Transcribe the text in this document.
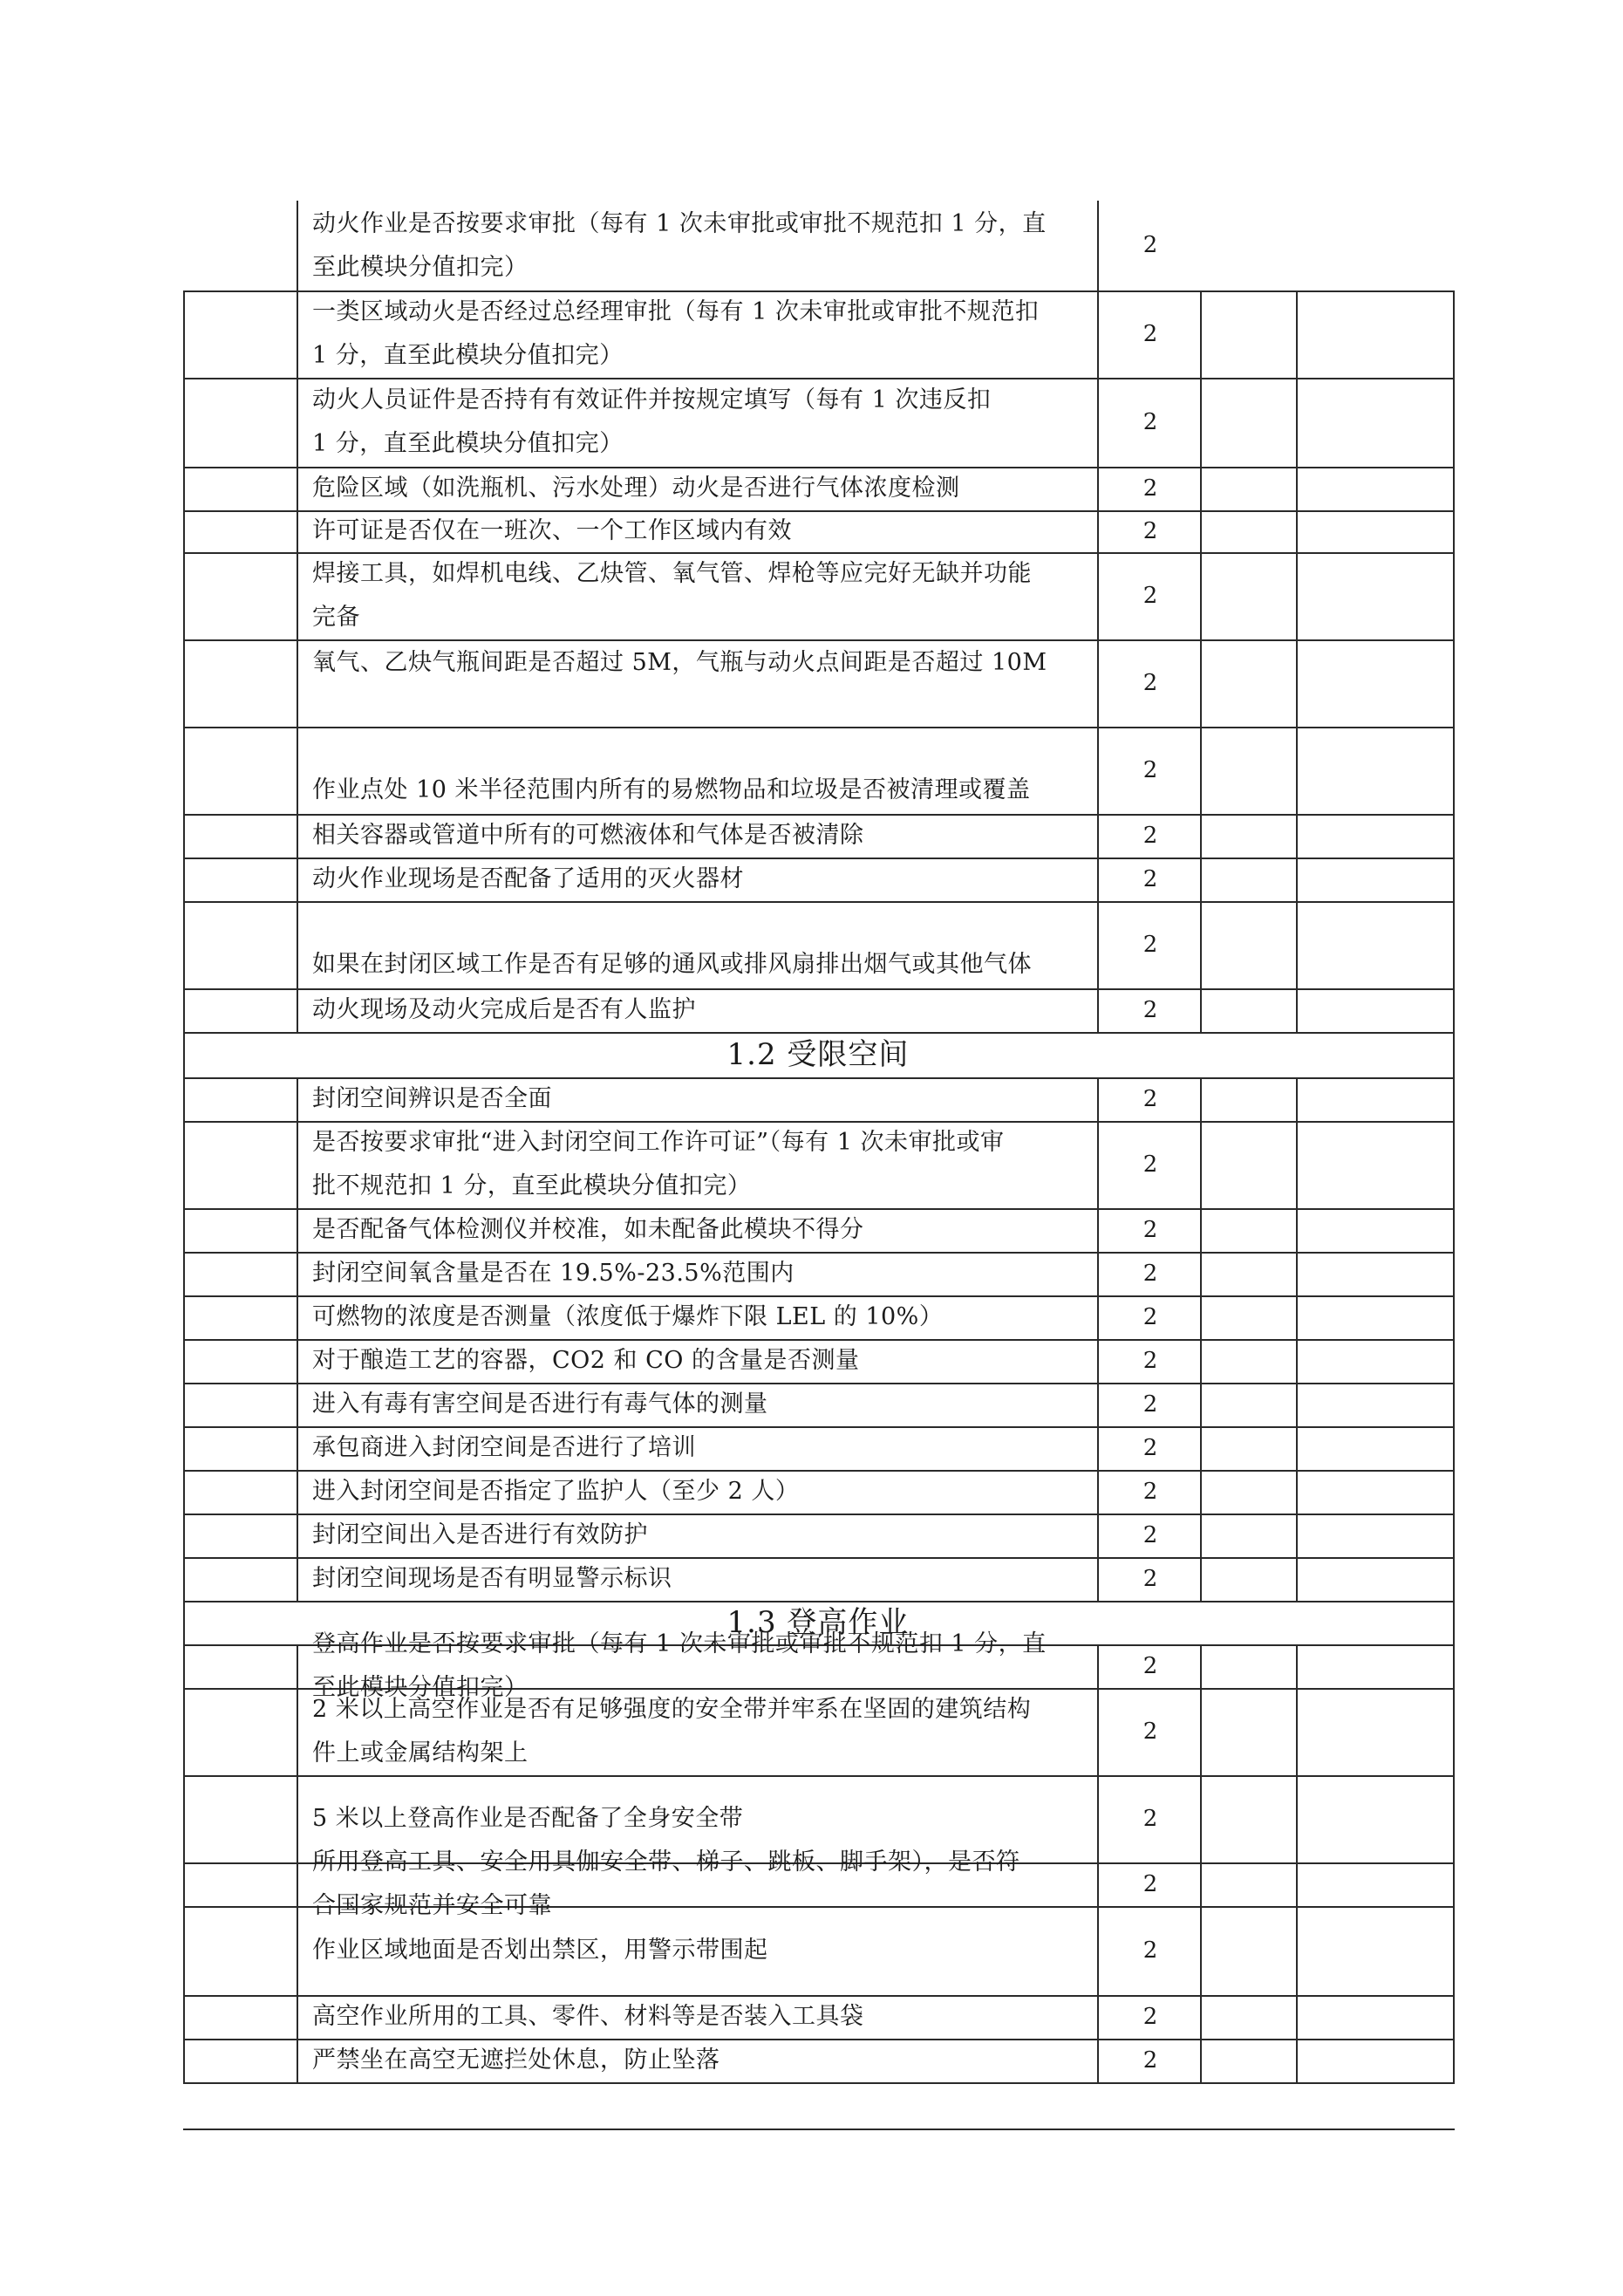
动火作业是否按要求审批（每有 1 次未审批或审批不规范扣 1 分，直
至此模块分值扣完）
2
一类区域动火是否经过总经理审批（每有 1 次未审批或审批不规范扣
1 分，直至此模块分值扣完）
2
动火人员证件是否持有有效证件并按规定填写（每有 1 次违反扣
1 分，直至此模块分值扣完）
2
危险区域（如洗瓶机、污水处理）动火是否进行气体浓度检测	2
许可证是否仅在一班次、一个工作区域内有效	2
焊接工具，如焊机电线、乙炔管、氧气管、焊枪等应完好无缺并功能
完备
2
氧气、乙炔气瓶间距是否超过 5M，气瓶与动火点间距是否超过 10M
2
作业点处 10 米半径范围内所有的易燃物品和垃圾是否被清理或覆盖
2
相关容器或管道中所有的可燃液体和气体是否被清除	2
动火作业现场是否配备了适用的灭火器材	2
如果在封闭区域工作是否有足够的通风或排风扇排出烟气或其他气体
2
动火现场及动火完成后是否有人监护	2
1.2 受限空间
封闭空间辨识是否全面	2
是否按要求审批“进入封闭空间工作许可证”（每有 1 次未审批或审
批不规范扣 1 分，直至此模块分值扣完）
2
是否配备气体检测仪并校准，如未配备此模块不得分	2
封闭空间氧含量是否在 19.5%-23.5%范围内	2
可燃物的浓度是否测量（浓度低于爆炸下限 LEL 的 10%）	2
对于酿造工艺的容器，CO2 和 CO 的含量是否测量	2
进入有毒有害空间是否进行有毒气体的测量	2
承包商进入封闭空间是否进行了培训	2
进入封闭空间是否指定了监护人（至少 2 人）	2
封闭空间出入是否进行有效防护	2
封闭空间现场是否有明显警示标识	2
1.3 登高作业
登高作业是否按要求审批（每有 1 次未审批或审批不规范扣 1 分，直
至此模块分值扣完）
2
2 米以上高空作业是否有足够强度的安全带并牢系在坚固的建筑结构
件上或金属结构架上
2
5 米以上登高作业是否配备了全身安全带	2
所用登高工具、安全用具伽安全带、梯子、跳板、脚手架），是否符
合国家规范并安全可靠
2
作业区域地面是否划出禁区，用警示带围起	2
高空作业所用的工具、零件、材料等是否装入工具袋	2
严禁坐在高空无遮拦处休息，防止坠落	2
